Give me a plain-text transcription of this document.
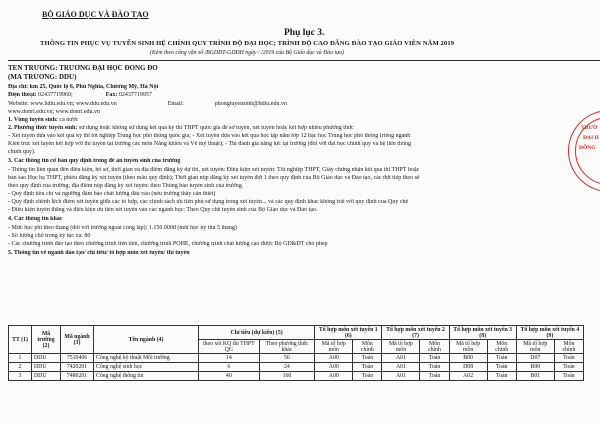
BỘ GIÁO DỤC VÀ ĐÀO TẠO
Phụ lục 3.
THÔNG TIN PHỤC VỤ TUYỂN SINH HỆ CHÍNH QUY TRÌNH ĐỘ ĐẠI HỌC; TRÌNH ĐỘ CAO ĐẲNG ĐÀO TẠO GIÁO VIÊN NĂM 2019
(Kèm theo công văn số /BGDĐT-GDĐH ngày / /2019 của Bộ Giáo dục và Đào tạo)
TÊN TRƯỜNG: TRƯỜNG ĐẠI HỌC ĐÔNG ĐÔ
(MÃ TRƯỜNG: DDU)
Địa chỉ: km 25, Quốc lộ 6, Phú Nghĩa, Chương Mỹ, Hà Nội
Điện thoại: 02437719960;	Fax: 02437719957
Website: www.hdiu.edu.vn; www.ddu.edu.vn	Email:	phongtuyensinh@hdiu.edu.vn
www.donri.edu.vn; www.donri.edu.vn
1. Vùng tuyển sinh: cả nước
2. Phương thức tuyển sinh: sử dụng hoặc không sử dụng kết quả kỳ thi THPT quốc gia để sơ tuyển, xét tuyển hoặc kết hợp nhiều phương thức
- Xét tuyển dựa vào kết quả kỳ thi tốt nghiệp Trung học phổ thông quốc gia; - Xét tuyển dựa vào kết quả học tập năm lớp 12 bậc học Trung học phổ thông (riêng ngành
Kiến trúc xét tuyển kết hợp với thi tuyển tại trường các môn Năng khiếu và Vẽ mỹ thuật); - Thí đánh giá năng lực tại trường (đối với đại học chính quy và hệ liên thông
chính quy).
3. Các thông tin cơ bản quy định trong đề án tuyển sinh của trường
- Thông tin liên quan đến điều kiện, hồ sơ, thời gian và địa điểm đăng ký dự thi, xét tuyển: Điều kiện xét tuyển: Tốt nghiệp THPT, Giấy chứng nhận kết quả thi THPT hoặc
bản sao Học bạ THPT, phiếu đăng ký xét tuyển (theo mẫu quy định); Thời gian nộp đăng ký xét tuyển đợt 1 theo quy định của Bộ Giáo dục và Đào tạo, các đợt tiếp theo sẽ
theo quy định của trường; địa điểm nộp đăng ký xét tuyển: theo Thông báo tuyển sinh của trường.
- Quy định tiêu chí và ngưỡng đảm bảo chất lượng đầu vào (nếu trường thấy cần thiết)
- Quy định chênh lệch điểm xét tuyển giữa các tổ hợp, các chính sách ưu tiên phù sử dụng trong xét tuyển... và các quy định khác không trái với quy định của Quy chế
- Điều kiện tuyển thẳng và điều kiện ưu tiên xét tuyển vào các ngành học: Theo Quy chế tuyển sinh của Bộ Giáo dục và Đào tạo.
4. Các thông tin khác
- Mức học phí theo tháng (đối với trường ngoài công lập): 1.150.000đ (mỗi học kỳ thu 5 tháng)
- Số lượng chỗ trong ký túc xá: 80
- Các chương trình đào tạo theo chương trình tiên tiến, chương trình POHE, chương trình chất lượng cao được Bộ GD&ĐT cho phép
5. Thông tin về ngành đào tạo/ chỉ tiêu/ tổ hợp môn xét tuyển/ thi tuyển
TRƯỜ
ĐẠI H
ĐÔNG
TT (1)	Mã trường (2)	Mã ngành (3)	Tên ngành (4)	Chỉ tiêu (dự kiến) (5)		Tổ hợp môn xét tuyển 1 (6)		Tổ hợp môn xét tuyển 2 (7)		Tổ hợp môn xét tuyển 3 (8)		Tổ hợp môn xét tuyển 4 (9)	
				theo xét KQ thi THPT QG	Theo phương thức khác	Mã tổ hợp môn	Môn chính	Mã tổ hợp môn	Môn chính	Mã tổ hợp môn	Môn chính	Mã tổ hợp môn	Môn chính
1	DDU	7510406	Công nghệ kỹ thuật Môi trường	14	56	A00	Toán	A01	Toán	B00	Toán	D07	Toán
2	DDU	7420201	Công nghệ sinh học	6	24	A00	Toán	A01	Toán	D08	Toán	B00	Toán
3	DDU	7480201	Công nghệ thông tin	40	160	A00	Toán	A01	Toán	A02	Toán	B01	Toán
